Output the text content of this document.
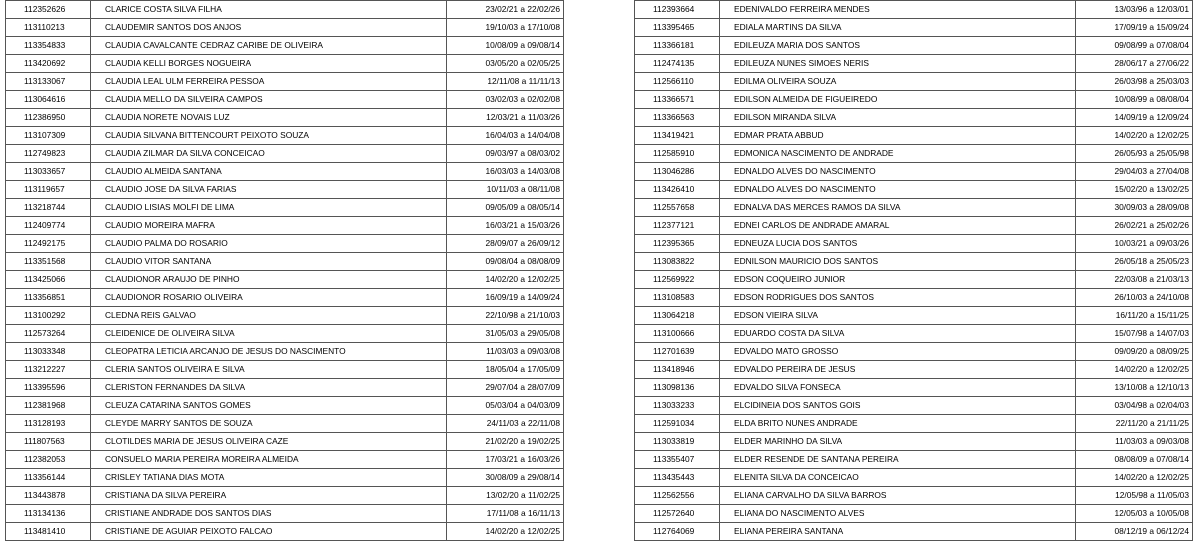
112352626	CLARICE COSTA SILVA FILHA	23/02/21 a 22/02/26
113110213	CLAUDEMIR SANTOS DOS ANJOS	19/10/03 a 17/10/08
113354833	CLAUDIA CAVALCANTE CEDRAZ CARIBE DE OLIVEIRA	10/08/09 a 09/08/14
113420692	CLAUDIA KELLI BORGES NOGUEIRA	03/05/20 a 02/05/25
113133067	CLAUDIA LEAL ULM FERREIRA PESSOA	12/11/08 a 11/11/13
113064616	CLAUDIA MELLO DA SILVEIRA CAMPOS	03/02/03 a 02/02/08
112386950	CLAUDIA NORETE NOVAIS LUZ	12/03/21 a 11/03/26
113107309	CLAUDIA SILVANA BITTENCOURT PEIXOTO SOUZA	16/04/03 a 14/04/08
112749823	CLAUDIA ZILMAR DA SILVA CONCEICAO	09/03/97 a 08/03/02
113033657	CLAUDIO ALMEIDA SANTANA	16/03/03 a 14/03/08
113119657	CLAUDIO JOSE DA SILVA FARIAS	10/11/03 a 08/11/08
113218744	CLAUDIO LISIAS MOLFI DE LIMA	09/05/09 a 08/05/14
112409774	CLAUDIO MOREIRA MAFRA	16/03/21 a 15/03/26
112492175	CLAUDIO PALMA DO ROSARIO	28/09/07 a 26/09/12
113351568	CLAUDIO VITOR SANTANA	09/08/04 a 08/08/09
113425066	CLAUDIONOR ARAUJO DE PINHO	14/02/20 a 12/02/25
113356851	CLAUDIONOR ROSARIO OLIVEIRA	16/09/19 a 14/09/24
113100292	CLEDNA REIS GALVAO	22/10/98 a 21/10/03
112573264	CLEIDENICE DE OLIVEIRA SILVA	31/05/03 a 29/05/08
113033348	CLEOPATRA LETICIA ARCANJO DE JESUS DO NASCIMENTO	11/03/03 a 09/03/08
113212227	CLERIA SANTOS OLIVEIRA E SILVA	18/05/04 a 17/05/09
113395596	CLERISTON FERNANDES DA SILVA	29/07/04 a 28/07/09
112381968	CLEUZA CATARINA SANTOS GOMES	05/03/04 a 04/03/09
113128193	CLEYDE MARRY SANTOS DE SOUZA	24/11/03 a 22/11/08
111807563	CLOTILDES MARIA DE JESUS OLIVEIRA CAZE	21/02/20 a 19/02/25
112382053	CONSUELO MARIA PEREIRA MOREIRA ALMEIDA	17/03/21 a 16/03/26
113356144	CRISLEY TATIANA DIAS MOTA	30/08/09 a 29/08/14
113443878	CRISTIANA DA SILVA PEREIRA	13/02/20 a 11/02/25
113134136	CRISTIANE ANDRADE DOS SANTOS DIAS	17/11/08 a 16/11/13
113481410	CRISTIANE DE AGUIAR PEIXOTO FALCAO	14/02/20 a 12/02/25
112393664	EDENIVALDO FERREIRA MENDES	13/03/96 a 12/03/01
113395465	EDIALA MARTINS DA SILVA	17/09/19 a 15/09/24
113366181	EDILEUZA MARIA DOS SANTOS	09/08/99 a 07/08/04
112474135	EDILEUZA NUNES SIMOES NERIS	28/06/17 a 27/06/22
112566110	EDILMA OLIVEIRA SOUZA	26/03/98 a 25/03/03
113366571	EDILSON ALMEIDA DE FIGUEIREDO	10/08/99 a 08/08/04
113366563	EDILSON MIRANDA SILVA	14/09/19 a 12/09/24
113419421	EDMAR PRATA ABBUD	14/02/20 a 12/02/25
112585910	EDMONICA NASCIMENTO DE ANDRADE	26/05/93 a 25/05/98
113046286	EDNALDO ALVES DO NASCIMENTO	29/04/03 a 27/04/08
113426410	EDNALDO ALVES DO NASCIMENTO	15/02/20 a 13/02/25
112557658	EDNALVA DAS MERCES RAMOS DA SILVA	30/09/03 a 28/09/08
112377121	EDNEI CARLOS DE ANDRADE AMARAL	26/02/21 a 25/02/26
112395365	EDNEUZA LUCIA DOS SANTOS	10/03/21 a 09/03/26
113083822	EDNILSON MAURICIO DOS SANTOS	26/05/18 a 25/05/23
112569922	EDSON COQUEIRO JUNIOR	22/03/08 a 21/03/13
113108583	EDSON RODRIGUES DOS SANTOS	26/10/03 a 24/10/08
113064218	EDSON VIEIRA SILVA	16/11/20 a 15/11/25
113100666	EDUARDO COSTA DA SILVA	15/07/98 a 14/07/03
112701639	EDVALDO MATO GROSSO	09/09/20 a 08/09/25
113418946	EDVALDO PEREIRA DE JESUS	14/02/20 a 12/02/25
113098136	EDVALDO SILVA FONSECA	13/10/08 a 12/10/13
113033233	ELCIDINEIA DOS SANTOS GOIS	03/04/98 a 02/04/03
112591034	ELDA BRITO NUNES ANDRADE	22/11/20 a 21/11/25
113033819	ELDER MARINHO DA SILVA	11/03/03 a 09/03/08
113355407	ELDER RESENDE DE SANTANA PEREIRA	08/08/09 a 07/08/14
113435443	ELENITA SILVA DA CONCEICAO	14/02/20 a 12/02/25
112562556	ELIANA CARVALHO DA SILVA BARROS	12/05/98 a 11/05/03
112572640	ELIANA DO NASCIMENTO ALVES	12/05/03 a 10/05/08
112764069	ELIANA PEREIRA SANTANA	08/12/19 a 06/12/24
